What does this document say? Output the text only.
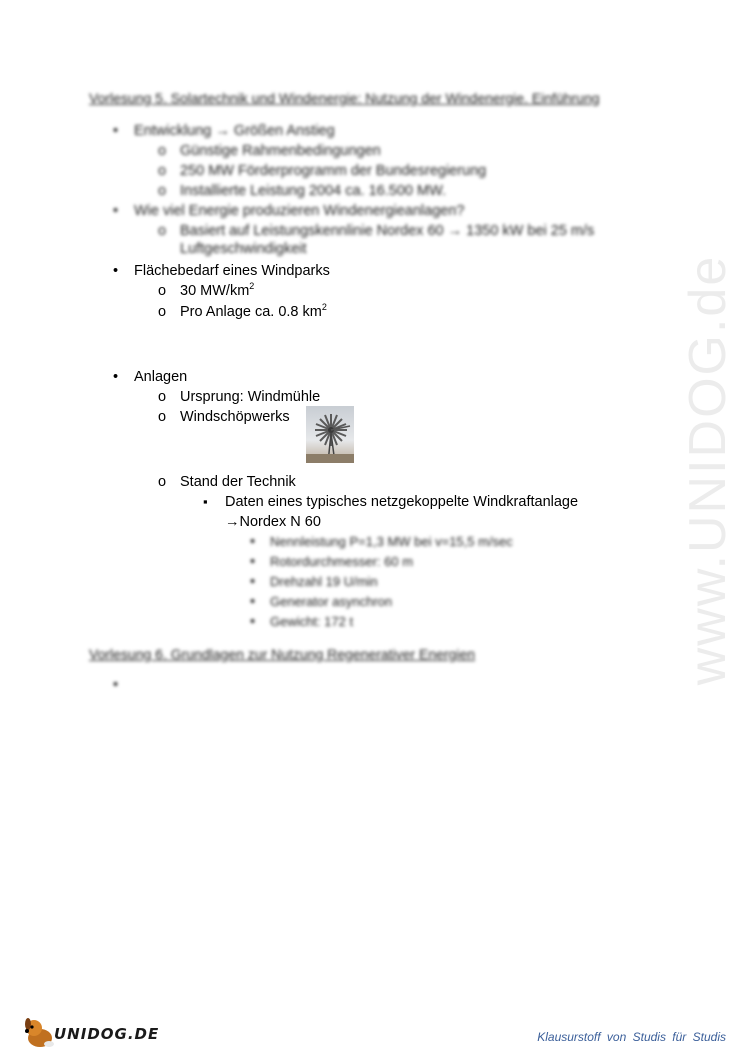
www.UNIDOG.de
Vorlesung 5. Solartechnik und Windenergie: Nutzung der Windenergie. Einführung
•
Entwicklung → Größen Anstieg
o
Günstige Rahmenbedingungen
o
250 MW Förderprogramm der Bundesregierung
o
Installierte Leistung 2004 ca. 16.500 MW.
•
Wie viel Energie produzieren Windenergieanlagen?
o
Basiert auf Leistungskennlinie Nordex 60 → 1350 kW bei 25 m/s
Luftgeschwindigkeit
•
Flächebedarf eines Windparks
o
30 $MW/km^2$
o
Pro Anlage ca. 0.8 $km^2$
•
Anlagen
o
Ursprung: Windmühle
o
Windschöpwerks
o
Stand der Technik
▪
Daten eines typisches netzgekoppelte Windkraftanlage
→Nordex N 60
•
Nennleistung P=1,3 MW bei v=15,5 m/sec
•
Rotordurchmesser: 60 m
•
Drehzahl 19 U/min
•
Generator asynchron
•
Gewicht: 172 t
Vorlesung 6. Grundlagen zur Nutzung Regenerativer Energien
•
UNIDOG.DE	Klausurstoff von Studis für Studis
